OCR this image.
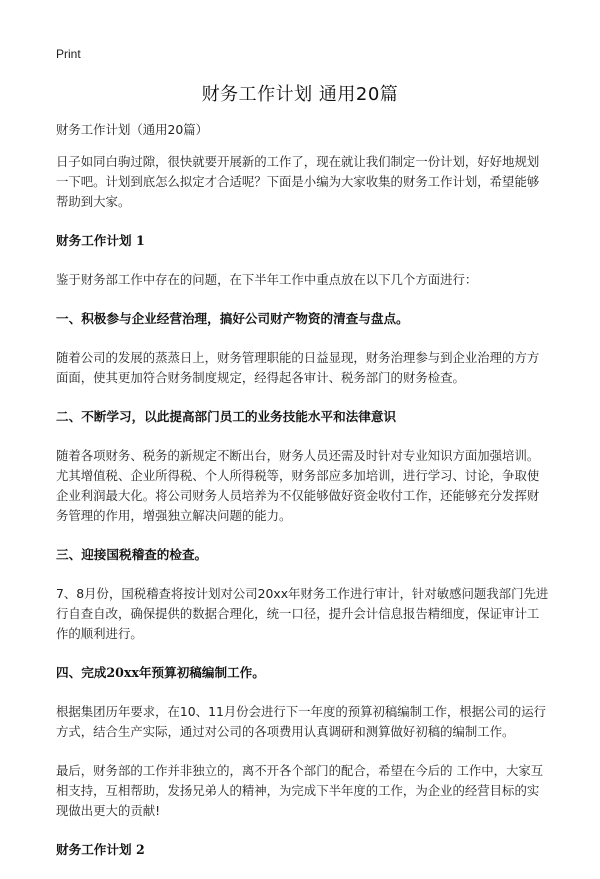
Print
财务工作计划 通用20篇
财务工作计划（通用20篇）
日子如同白驹过隙，很快就要开展新的工作了，现在就让我们制定一份计划，好好地规划一下吧。计划到底怎么拟定才合适呢？下面是小编为大家收集的财务工作计划，希望能够帮助到大家。
财务工作计划 1
鉴于财务部工作中存在的问题，在下半年工作中重点放在以下几个方面进行：
一、积极参与企业经营治理，搞好公司财产物资的清查与盘点。
随着公司的发展的蒸蒸日上，财务管理职能的日益显现，财务治理参与到企业治理的方方面面，使其更加符合财务制度规定，经得起各审计、税务部门的财务检查。
二、不断学习，以此提高部门员工的业务技能水平和法律意识
随着各项财务、税务的新规定不断出台，财务人员还需及时针对专业知识方面加强培训。尤其增值税、企业所得税、个人所得税等，财务部应多加培训，进行学习、讨论，争取使企业利润最大化。将公司财务人员培养为不仅能够做好资金收付工作，还能够充分发挥财务管理的作用，增强独立解决问题的能力。
三、迎接国税稽查的检查。
7、8月份，国税稽查将按计划对公司20xx年财务工作进行审计，针对敏感问题我部门先进行自查自改，确保提供的数据合理化，统一口径，提升会计信息报告精细度，保证审计工作的顺利进行。
四、完成20xx年预算初稿编制工作。
根据集团历年要求，在10、11月份会进行下一年度的预算初稿编制工作，根据公司的运行方式，结合生产实际，通过对公司的各项费用认真调研和测算做好初稿的编制工作。
最后，财务部的工作并非独立的，离不开各个部门的配合，希望在今后的 工作中，大家互相支持，互相帮助，发扬兄弟人的精神，为完成下半年度的工作，为企业的经营目标的实现做出更大的贡献!
财务工作计划 2
